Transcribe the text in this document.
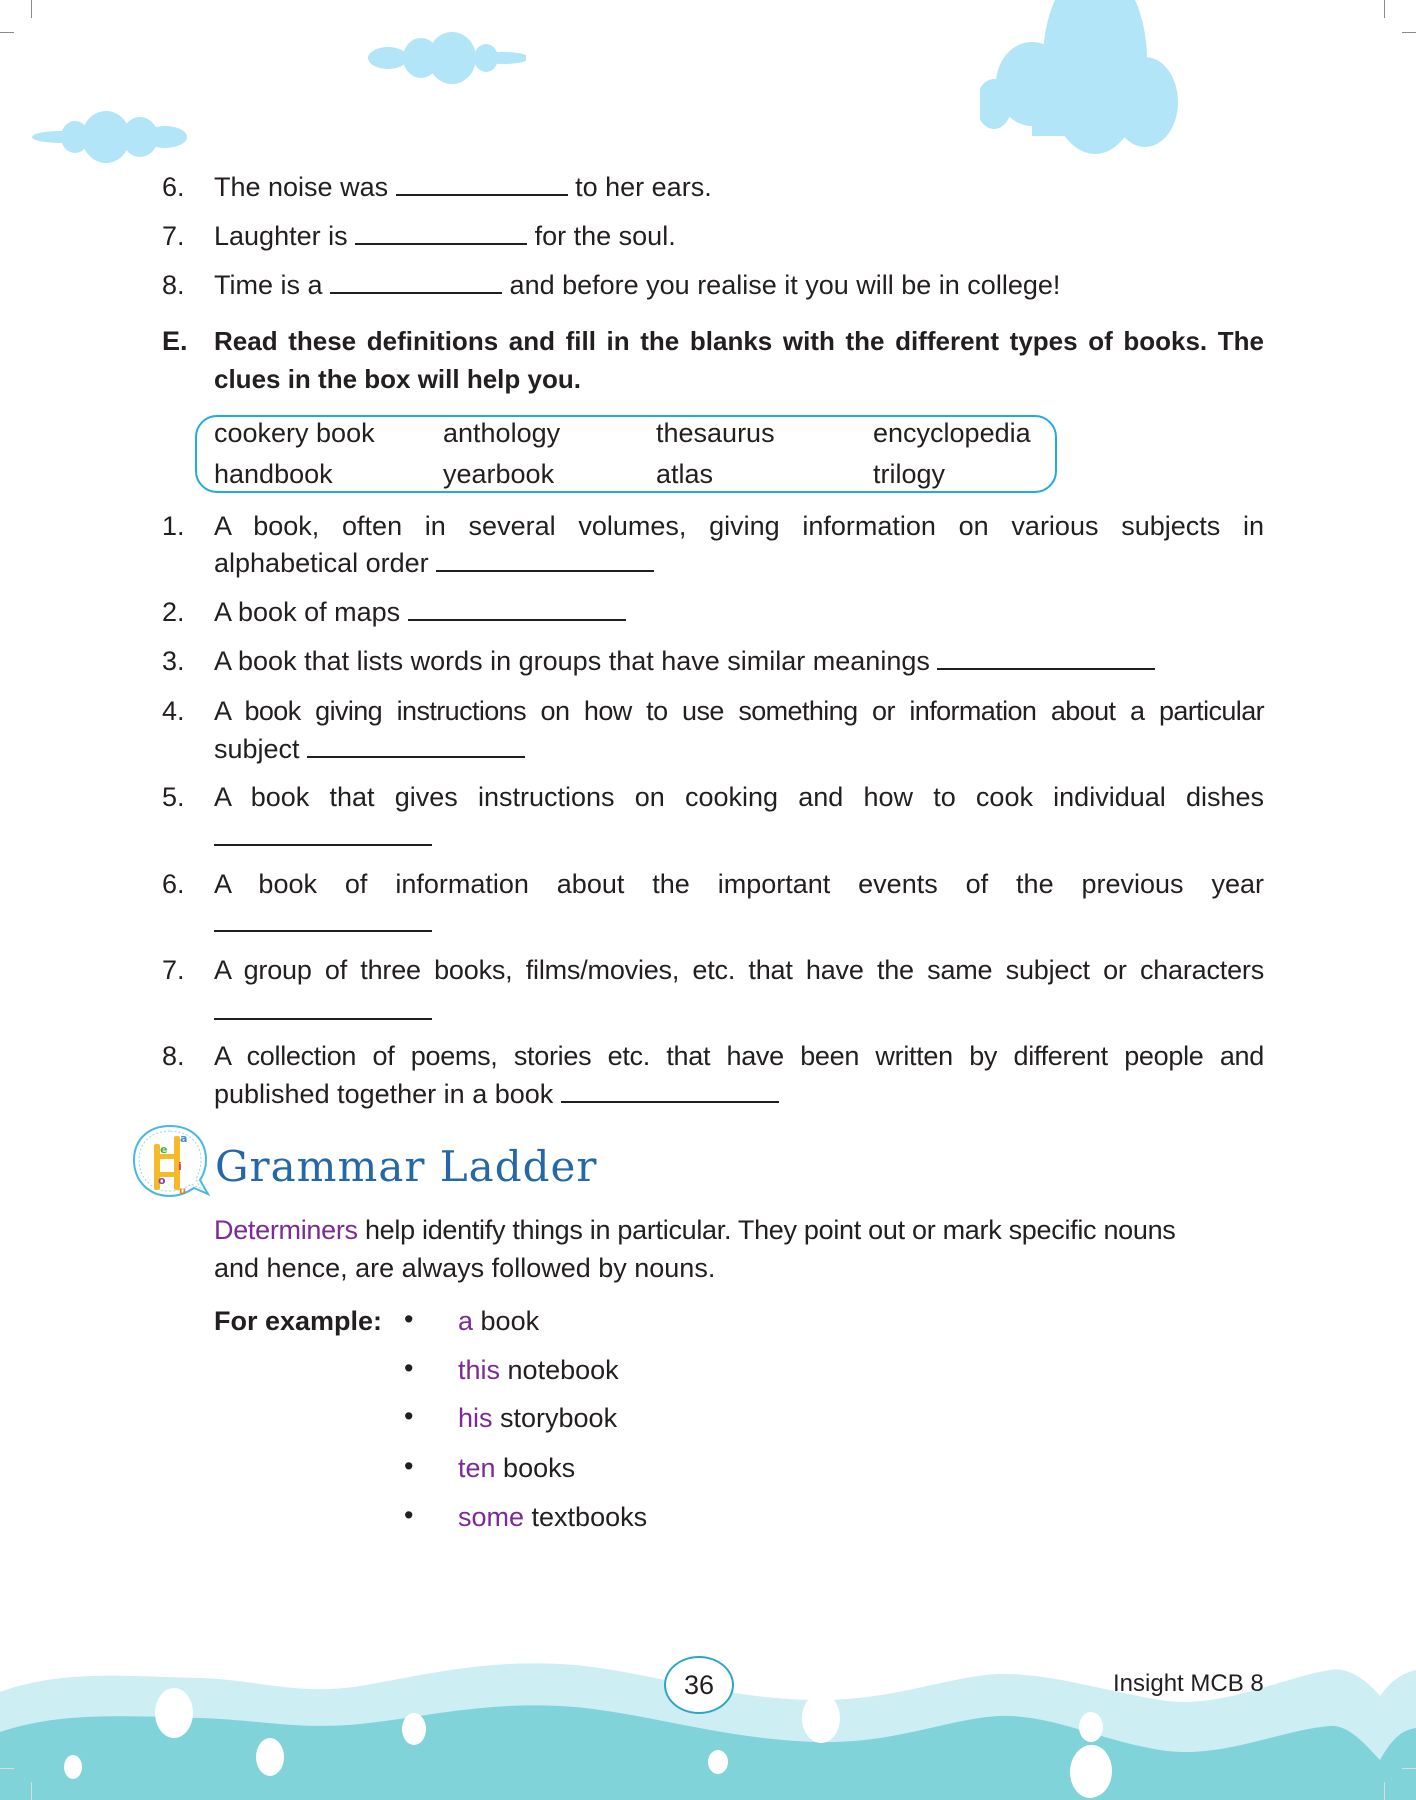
6. The noise was	to her ears.
7. Laughter is	for the soul.
8. Time is a	and before you realise it you will be in college!
E. Read these definitions and fill in the blanks with the different types of books. The
clues in the box will help you.
cookery book	anthology	thesaurus	encyclopedia
handbook	yearbook	atlas	trilogy
1. A book, often in several volumes, giving information on various subjects in
alphabetical order
2. A book of maps
3. A book that lists words in groups that have similar meanings
4. A book giving instructions on how to use something or information about a particular
subject
5. A book that gives instructions on cooking and how to cook individual dishes
6. A book of information about the important events of the previous year
7. A group of three books, films/movies, etc. that have the same subject or characters
8. A collection of poems, stories etc. that have been written by different people and
published together in a book
a
e
i
o
u
Grammar Ladder
Determiners help identify things in particular. They point out or mark specific nouns
and hence, are always followed by nouns.
For example: • a book
• this notebook
• his storybook
• ten books
• some textbooks
36	Insight MCB 8
